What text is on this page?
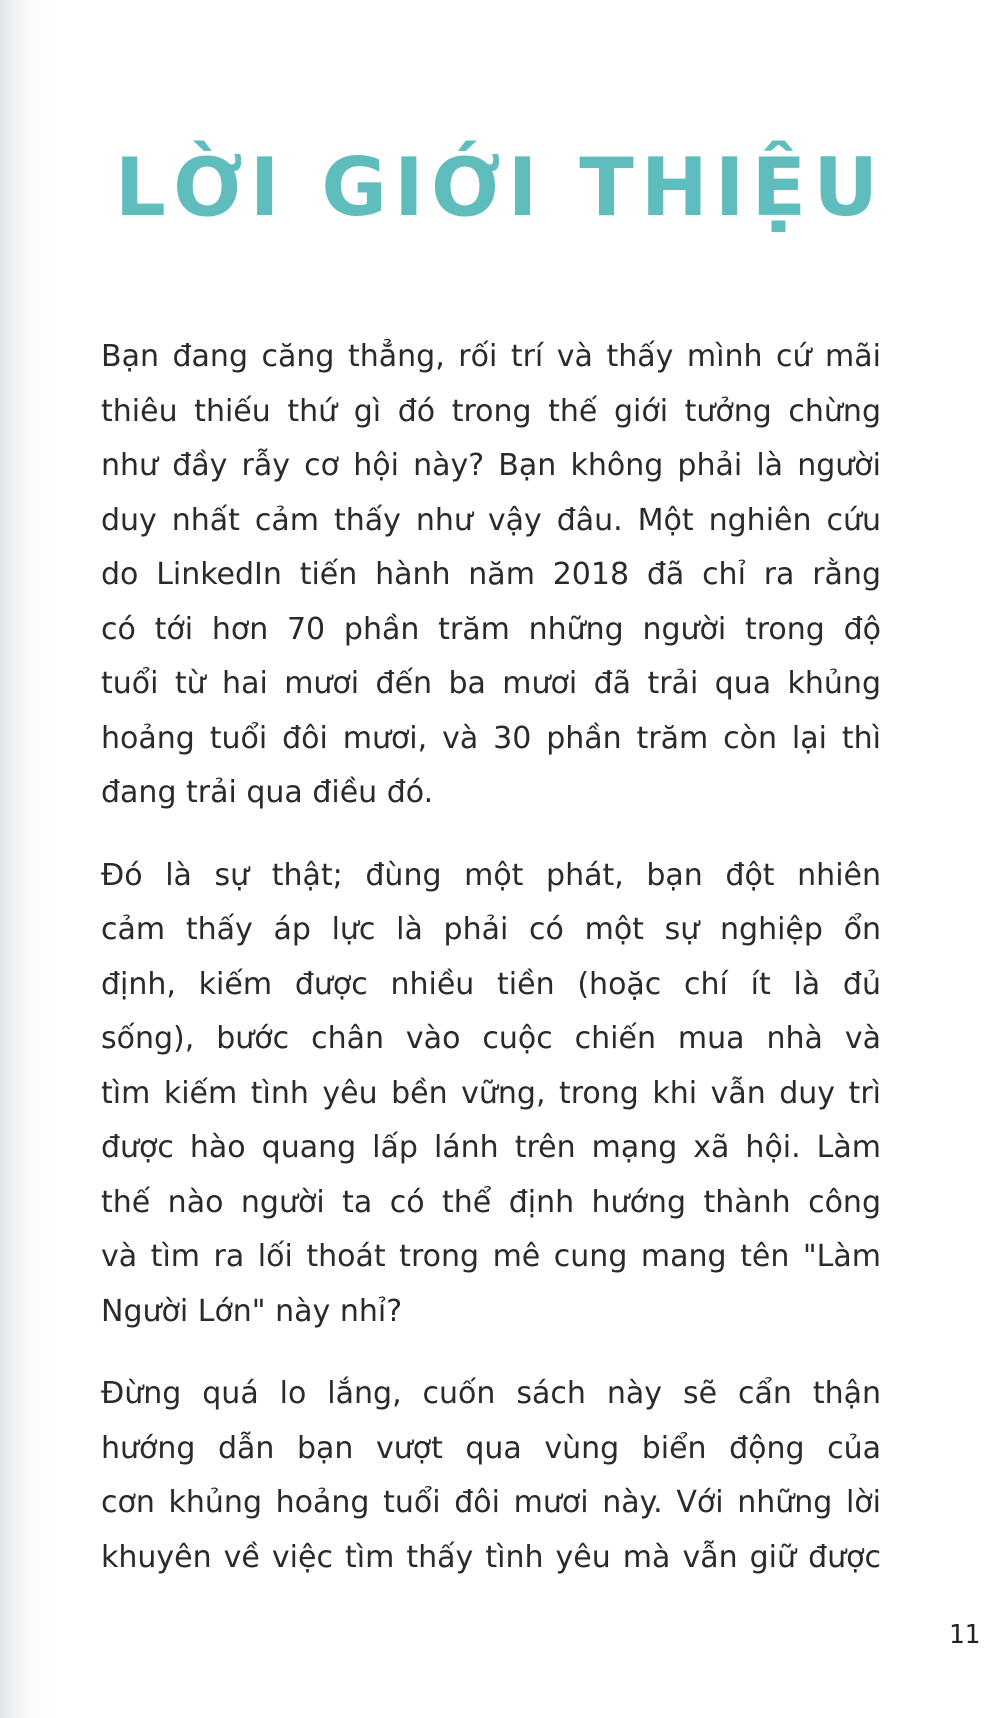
LỜI GIỚI THIỆU

Bạn đang căng thẳng, rối trí và thấy mình cứ mãi
thiêu thiếu thứ gì đó trong thế giới tưởng chừng
như đầy rẫy cơ hội này? Bạn không phải là người
duy nhất cảm thấy như vậy đâu. Một nghiên cứu
do LinkedIn tiến hành năm 2018 đã chỉ ra rằng
có tới hơn 70 phần trăm những người trong độ
tuổi từ hai mươi đến ba mươi đã trải qua khủng
hoảng tuổi đôi mươi, và 30 phần trăm còn lại thì
đang trải qua điều đó.

Đó là sự thật; đùng một phát, bạn đột nhiên
cảm thấy áp lực là phải có một sự nghiệp ổn
định, kiếm được nhiều tiền (hoặc chí ít là đủ
sống), bước chân vào cuộc chiến mua nhà và
tìm kiếm tình yêu bền vững, trong khi vẫn duy trì
được hào quang lấp lánh trên mạng xã hội. Làm
thế nào người ta có thể định hướng thành công
và tìm ra lối thoát trong mê cung mang tên "Làm
Người Lớn" này nhỉ?

Đừng quá lo lắng, cuốn sách này sẽ cẩn thận
hướng dẫn bạn vượt qua vùng biển động của
cơn khủng hoảng tuổi đôi mươi này. Với những lời
khuyên về việc tìm thấy tình yêu mà vẫn giữ được

11
